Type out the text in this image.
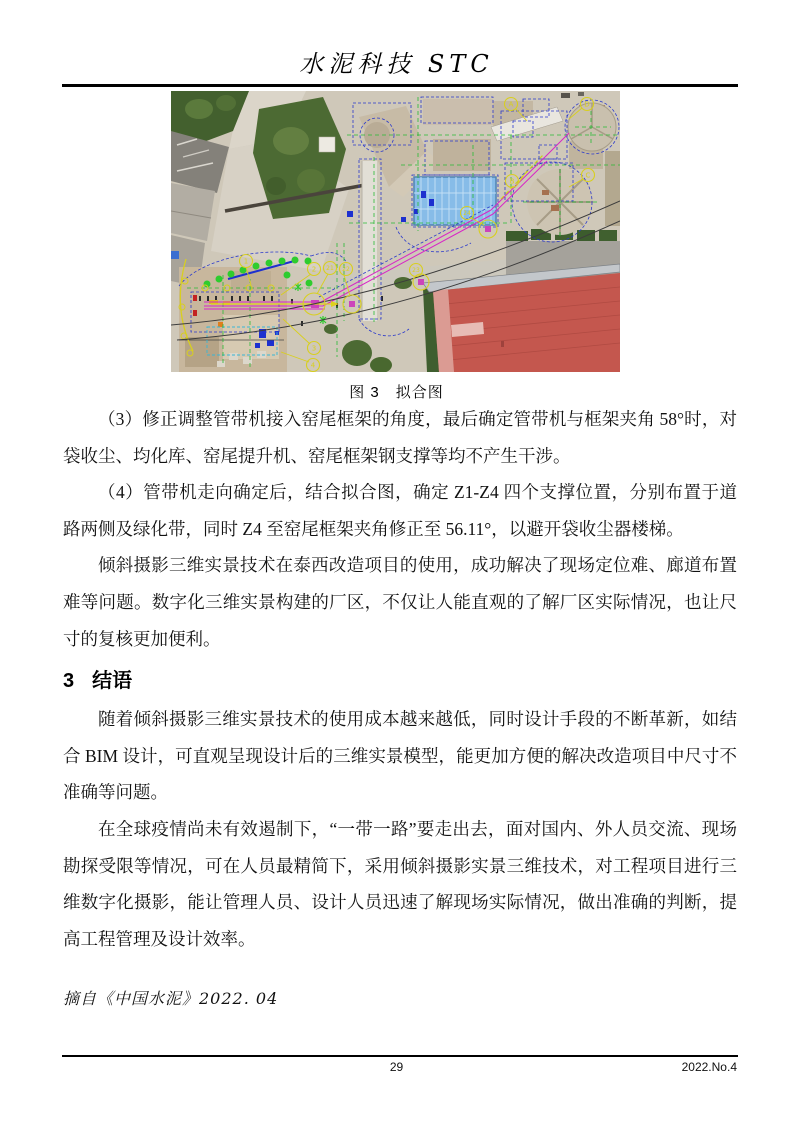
水泥科技 STC
1
2
3
4
A	D
B
C
21 22	23
24
图 3　拟合图

（3）修正调整管带机接入窑尾框架的角度，最后确定管带机与框架夹角 58°时，对袋收尘、均化库、窑尾提升机、窑尾框架钢支撑等均不产生干涉。

（4）管带机走向确定后，结合拟合图，确定 Z1-Z4 四个支撑位置，分别布置于道路两侧及绿化带，同时 Z4 至窑尾框架夹角修正至 56.11°，以避开袋收尘器楼梯。

倾斜摄影三维实景技术在泰西改造项目的使用，成功解决了现场定位难、廊道布置难等问题。数字化三维实景构建的厂区，不仅让人能直观的了解厂区实际情况，也让尺寸的复核更加便利。

3 结语

随着倾斜摄影三维实景技术的使用成本越来越低，同时设计手段的不断革新，如结合 BIM 设计，可直观呈现设计后的三维实景模型，能更加方便的解决改造项目中尺寸不准确等问题。

在全球疫情尚未有效遏制下，“一带一路”要走出去，面对国内、外人员交流、现场勘探受限等情况，可在人员最精简下，采用倾斜摄影实景三维技术，对工程项目进行三维数字化摄影，能让管理人员、设计人员迅速了解现场实际情况，做出准确的判断，提高工程管理及设计效率。

摘自《中国水泥》2022. 04
29	2022.No.4
